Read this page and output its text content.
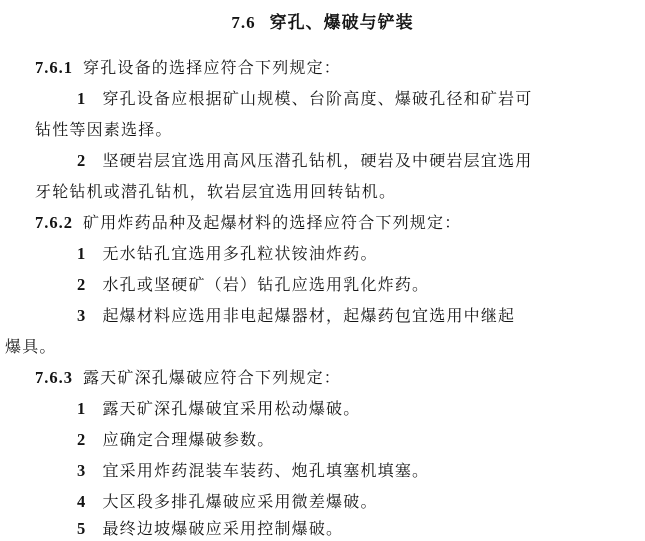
7.6 穿孔、爆破与铲装
7.6.1 穿孔设备的选择应符合下列规定：
1 穿孔设备应根据矿山规模、台阶高度、爆破孔径和矿岩可
钻性等因素选择。
2 坚硬岩层宜选用高风压潜孔钻机，硬岩及中硬岩层宜选用
牙轮钻机或潜孔钻机，软岩层宜选用回转钻机。
7.6.2 矿用炸药品种及起爆材料的选择应符合下列规定：
1 无水钻孔宜选用多孔粒状铵油炸药。
2 水孔或坚硬矿（岩）钻孔应选用乳化炸药。
3 起爆材料应选用非电起爆器材，起爆药包宜选用中继起
爆具。
7.6.3 露天矿深孔爆破应符合下列规定：
1 露天矿深孔爆破宜采用松动爆破。
2 应确定合理爆破参数。
3 宜采用炸药混装车装药、炮孔填塞机填塞。
4 大区段多排孔爆破应采用微差爆破。
5 最终边坡爆破应采用控制爆破。
